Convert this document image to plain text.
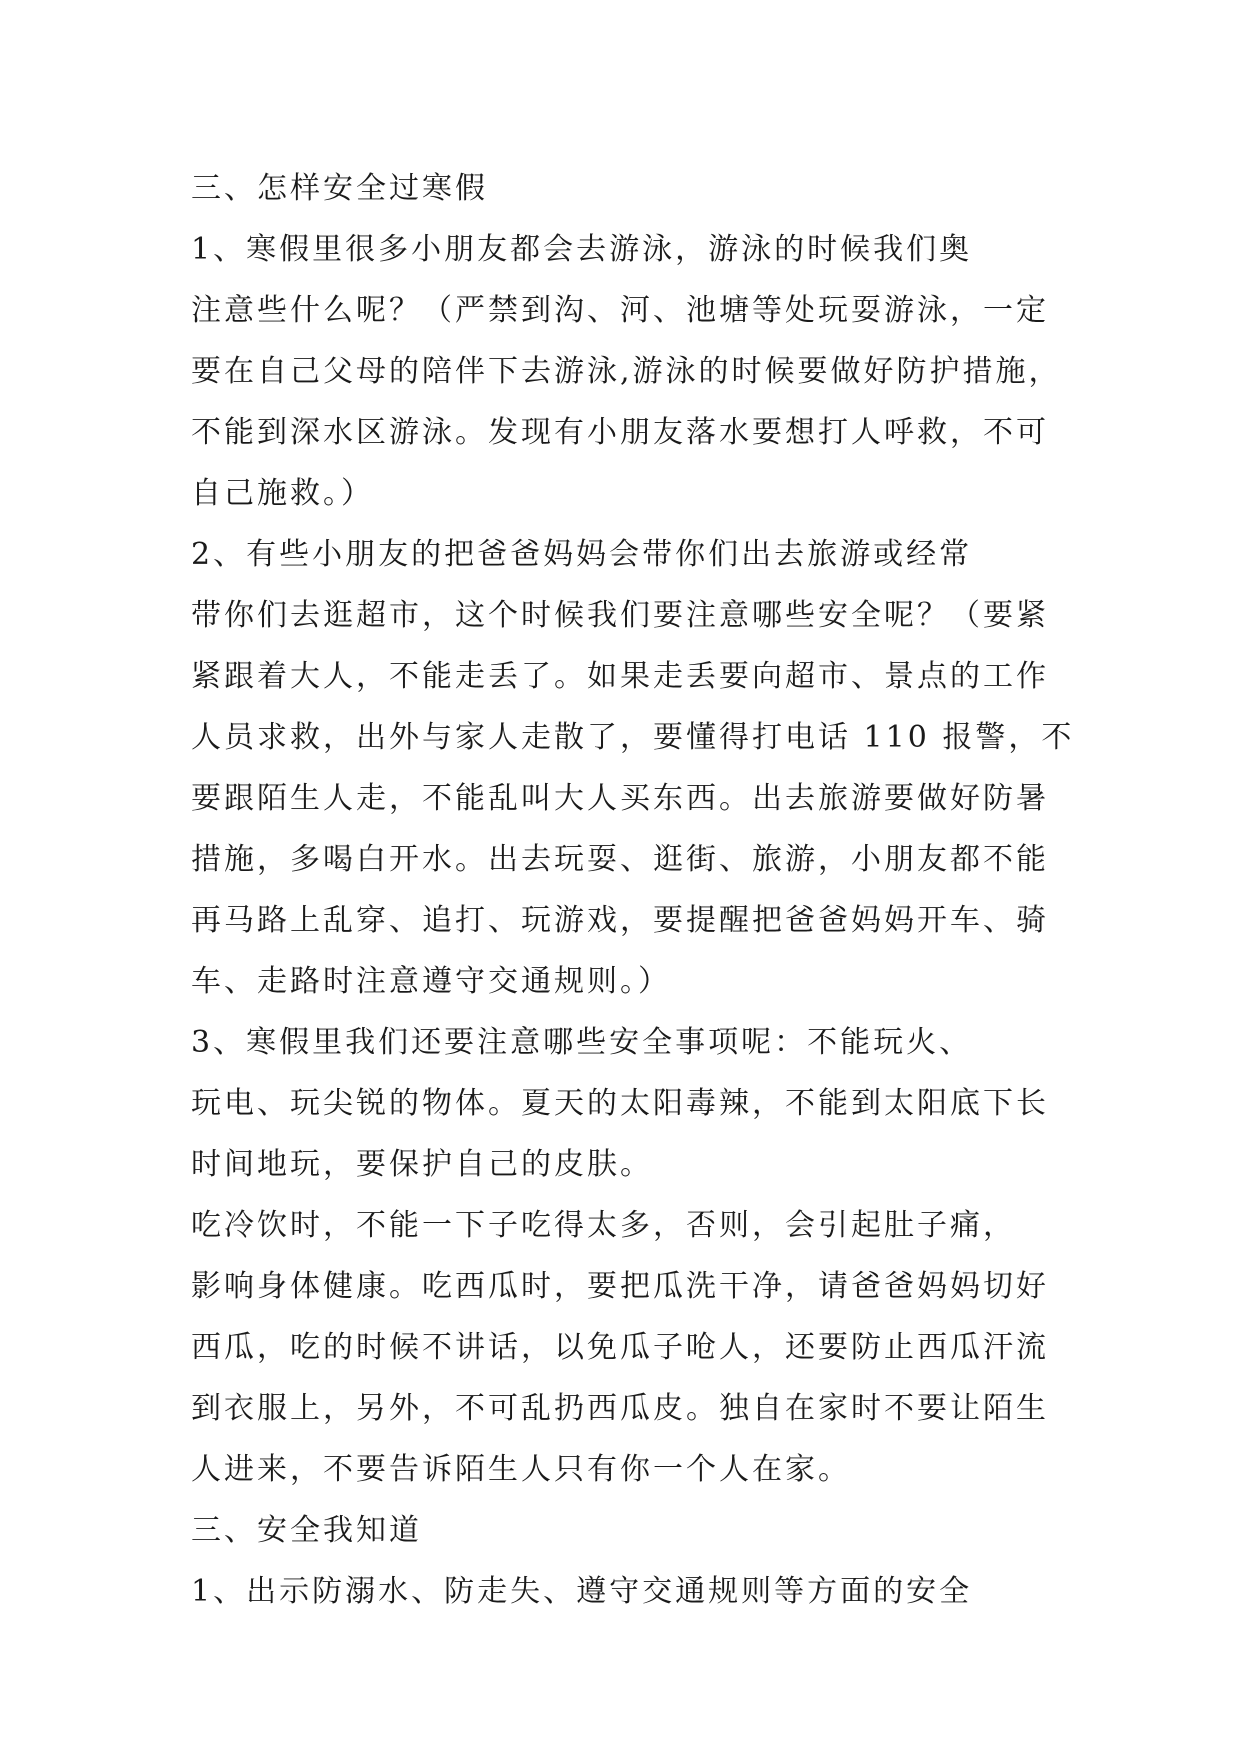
三、怎样安全过寒假
1、寒假里很多小朋友都会去游泳，游泳的时候我们奥
注意些什么呢？（严禁到沟、河、池塘等处玩耍游泳，一定
要在自己父母的陪伴下去游泳,游泳的时候要做好防护措施，
不能到深水区游泳。发现有小朋友落水要想打人呼救，不可
自己施救。）
2、有些小朋友的把爸爸妈妈会带你们出去旅游或经常
带你们去逛超市，这个时候我们要注意哪些安全呢？（要紧
紧跟着大人，不能走丢了。如果走丢要向超市、景点的工作
人员求救，出外与家人走散了，要懂得打电话 110 报警，不
要跟陌生人走，不能乱叫大人买东西。出去旅游要做好防暑
措施，多喝白开水。出去玩耍、逛街、旅游，小朋友都不能
再马路上乱穿、追打、玩游戏，要提醒把爸爸妈妈开车、骑
车、走路时注意遵守交通规则。）
3、寒假里我们还要注意哪些安全事项呢：不能玩火、
玩电、玩尖锐的物体。夏天的太阳毒辣，不能到太阳底下长
时间地玩，要保护自己的皮肤。
吃冷饮时，不能一下子吃得太多，否则，会引起肚子痛，
影响身体健康。吃西瓜时，要把瓜洗干净，请爸爸妈妈切好
西瓜，吃的时候不讲话，以免瓜子呛人，还要防止西瓜汗流
到衣服上，另外，不可乱扔西瓜皮。独自在家时不要让陌生
人进来，不要告诉陌生人只有你一个人在家。
三、安全我知道
1、出示防溺水、防走失、遵守交通规则等方面的安全
